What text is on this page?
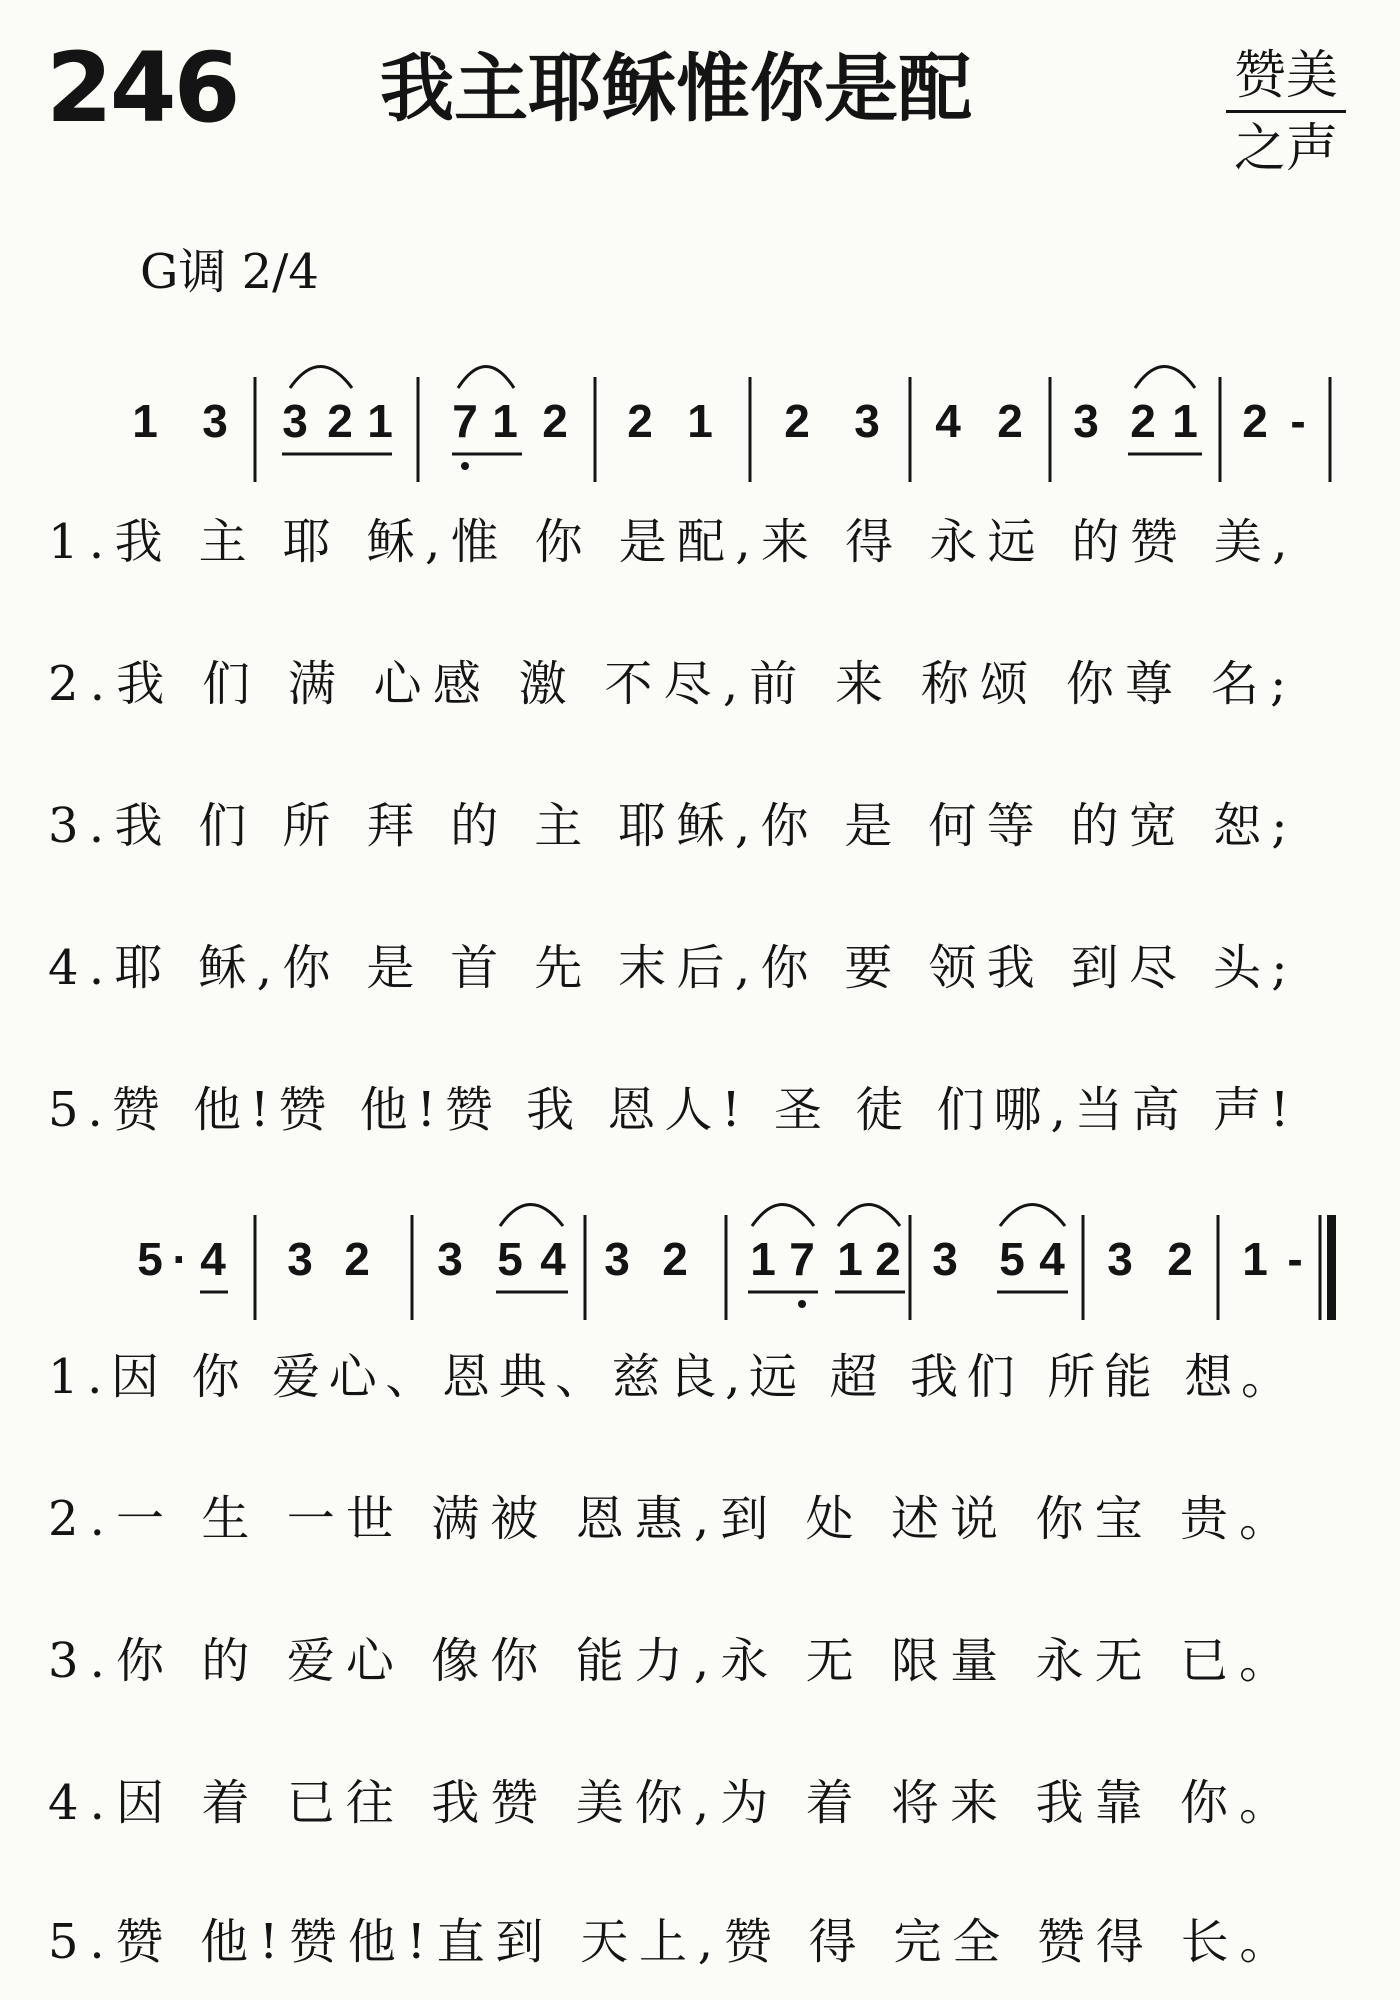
246 我主耶稣惟你是配	赞美
之声
G调 2/4
1 3 3 2 1 7 1 2 2 1 2 3 4 2 3 2 1 2 -
1.我 主 耶 稣,惟 你 是配,来 得 永远 的赞 美,
2.我 们 满 心感 激 不尽,前 来 称颂 你尊 名;
3.我 们 所 拜 的 主 耶稣,你 是 何等 的宽 恕;
4.耶 稣,你 是 首 先 末后,你 要 领我 到尽 头;
5.赞 他!赞 他!赞 我 恩人! 圣 徒 们哪,当高 声!
5 · 4 3 2 3 5 4 3 2 1 7 1 2 3 5 4 3 2 1 -
1.因 你 爱心、恩典、慈良,远 超 我们 所能 想。
2.一 生 一世 满被 恩惠,到 处 述说 你宝 贵。
3.你 的 爱心 像你 能力,永 无 限量 永无 已。
4.因 着 已往 我赞 美你,为 着 将来 我靠 你。
5.赞 他!赞他!直到 天上,赞 得 完全 赞得 长。
